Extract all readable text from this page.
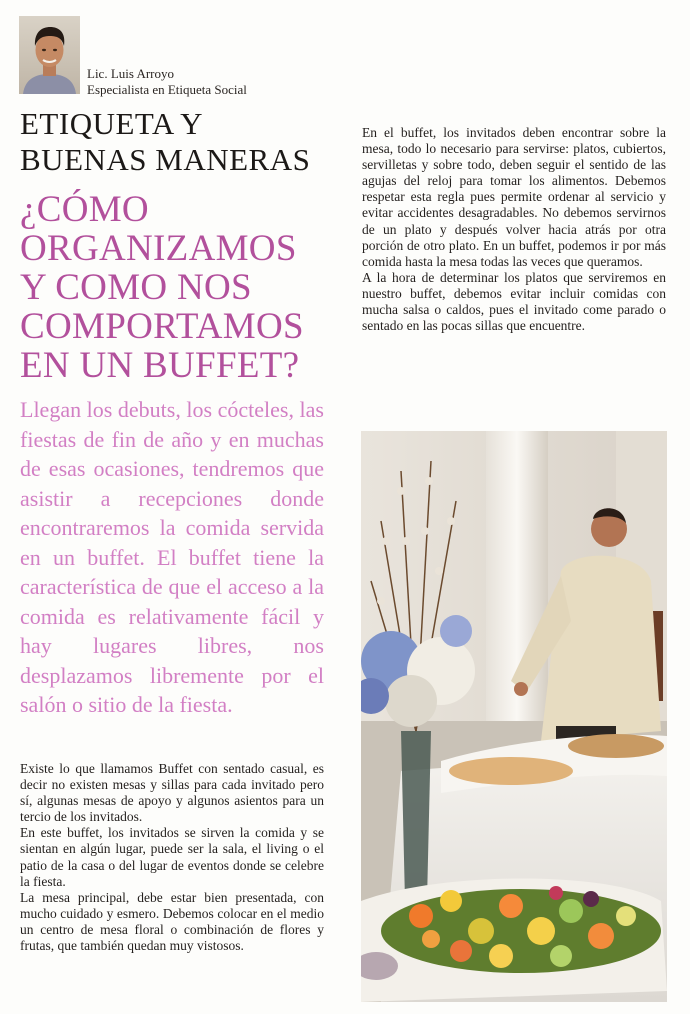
Lic. Luis Arroyo
Especialista en Etiqueta Social
ETIQUETA Y
BUENAS MANERAS
¿CÓMO
ORGANIZAMOS
Y COMO NOS
COMPORTAMOS
EN UN BUFFET?
Llegan los debuts, los cócteles, las fiestas de fin de año y en muchas de esas ocasiones, tendremos que asistir a recepciones donde encontraremos la comida servida en un buffet. El buffet tiene la característica de que el acceso a la comida es relativamente fácil y hay lugares libres, nos desplazamos libremente por el salón o sitio de la fiesta.

Existe lo que llamamos Buffet con sentado casual, es decir no existen mesas y sillas para cada invitado pero sí, algunas mesas de apoyo y algunos asientos para un tercio de los invitados.

En este buffet, los invitados se sirven la comida y se sientan en algún lugar, puede ser la sala, el living o el patio de la casa o del lugar de eventos donde se celebre la fiesta.

La mesa principal, debe estar bien presentada, con mucho cuidado y esmero. Debemos colocar en el medio un centro de mesa floral o combinación de flores y frutas, que también quedan muy vistosos.

En el buffet, los invitados deben encontrar sobre la mesa, todo lo necesario para servirse: platos, cubiertos, servilletas y sobre todo, deben seguir el sentido de las agujas del reloj para tomar los alimentos. Debemos respetar esta regla pues permite ordenar al servicio y evitar accidentes desagradables. No debemos servirnos de un plato y después volver hacia atrás por otra porción de otro plato. En un buffet, podemos ir por más comida hasta la mesa todas las veces que queramos.

A la hora de determinar los platos que serviremos en nuestro buffet, debemos evitar incluir comidas con mucha salsa o caldos, pues el invitado come parado o sentado en las pocas sillas que encuentre.
